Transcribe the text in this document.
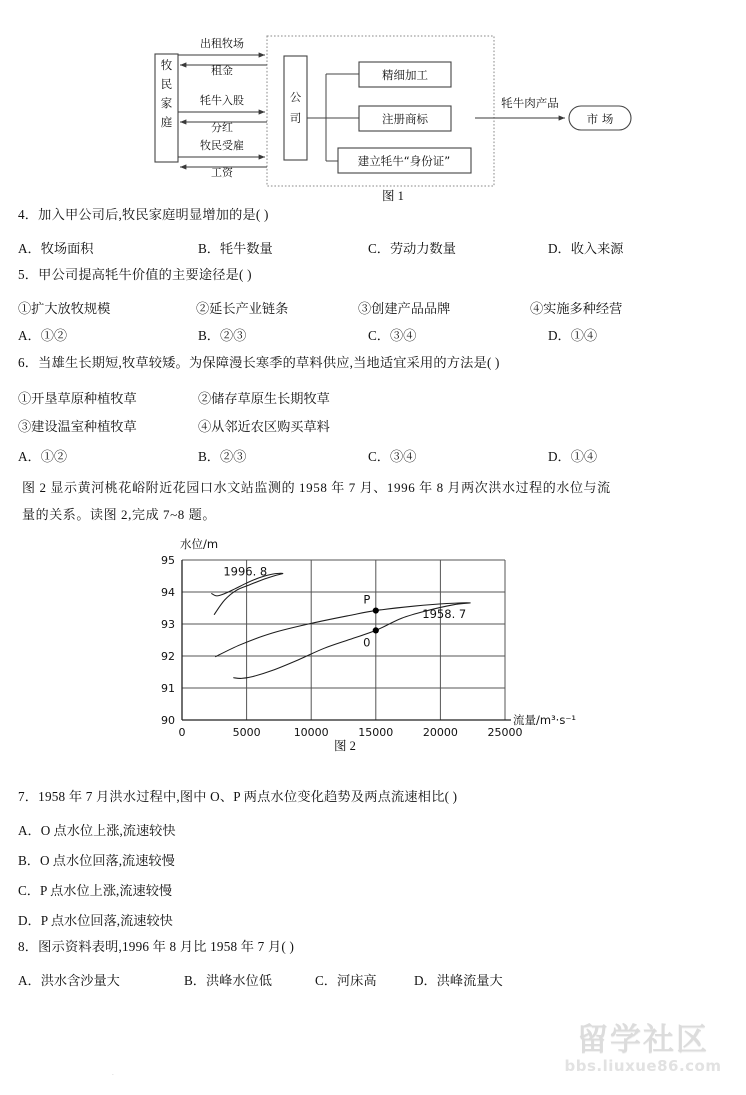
牧
民
家
庭
公
司
出租牧场
租金
牦牛入股
分红
牧民受雇
工资
精细加工
注册商标
建立牦牛“身份证”
牦牛肉产品
市 场
图 1
4．加入甲公司后,牧民家庭明显增加的是( )
A．牧场面积	B．牦牛数量	C．劳动力数量	D．收入来源
5．甲公司提高牦牛价值的主要途径是( )
①扩大放牧规模	②延长产业链条	③创建产品品牌	④实施多种经营
A．①②	B．②③	C．③④	D．①④
6．当雄生长期短,牧草较矮。为保障漫长寒季的草料供应,当地适宜采用的方法是( )
①开垦草原种植牧草	②储存草原生长期牧草
③建设温室种植牧草	④从邻近农区购买草料
A．①②	B．②③	C．③④	D．①④
图 2 显示黄河桃花峪附近花园口水文站监测的 1958 年 7 月、1996 年 8 月两次洪水过程的水位与流
量的关系。读图 2,完成 7~8 题。
90
91
92
93
94
95
0	5000	10000	15000	20000	25000
P
0
1996. 8
1958. 7
水位/m
流量/m³·s⁻¹
图 2
7．1958 年 7 月洪水过程中,图中 O、P 两点水位变化趋势及两点流速相比( )
A．O 点水位上涨,流速较快
B．O 点水位回落,流速较慢
C．P 点水位上涨,流速较慢
D．P 点水位回落,流速较快
8．图示资料表明,1996 年 8 月比 1958 年 7 月( )
A．洪水含沙量大	B．洪峰水位低	C．河床高	D．洪峰流量大
留学社区
bbs.liuxue86.com
.
